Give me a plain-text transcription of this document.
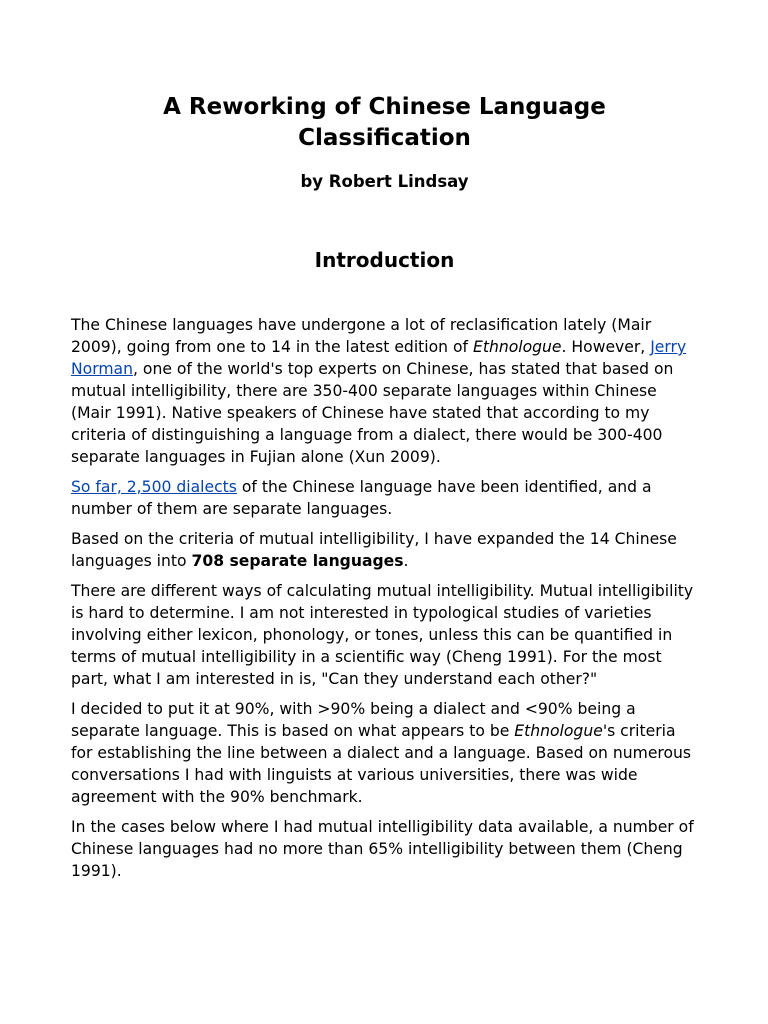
A Reworking of Chinese Language
Classification

by Robert Lindsay

Introduction

The Chinese languages have undergone a lot of reclasification lately (Mair 2009), going from one to 14 in the latest edition of Ethnologue. However, Jerry Norman, one of the world's top experts on Chinese, has stated that based on mutual intelligibility, there are 350-400 separate languages within Chinese (Mair 1991). Native speakers of Chinese have stated that according to my criteria of distinguishing a language from a dialect, there would be 300-400 separate languages in Fujian alone (Xun 2009).

So far, 2,500 dialects of the Chinese language have been identified, and a number of them are separate languages.

Based on the criteria of mutual intelligibility, I have expanded the 14 Chinese languages into 708 separate languages.

There are different ways of calculating mutual intelligibility. Mutual intelligibility is hard to determine. I am not interested in typological studies of varieties involving either lexicon, phonology, or tones, unless this can be quantified in terms of mutual intelligibility in a scientific way (Cheng 1991). For the most part, what I am interested in is, "Can they understand each other?"

I decided to put it at 90%, with >90% being a dialect and <90% being a separate language. This is based on what appears to be Ethnologue's criteria for establishing the line between a dialect and a language. Based on numerous conversations I had with linguists at various universities, there was wide agreement with the 90% benchmark.

In the cases below where I had mutual intelligibility data available, a number of Chinese languages had no more than 65% intelligibility between them (Cheng 1991).
